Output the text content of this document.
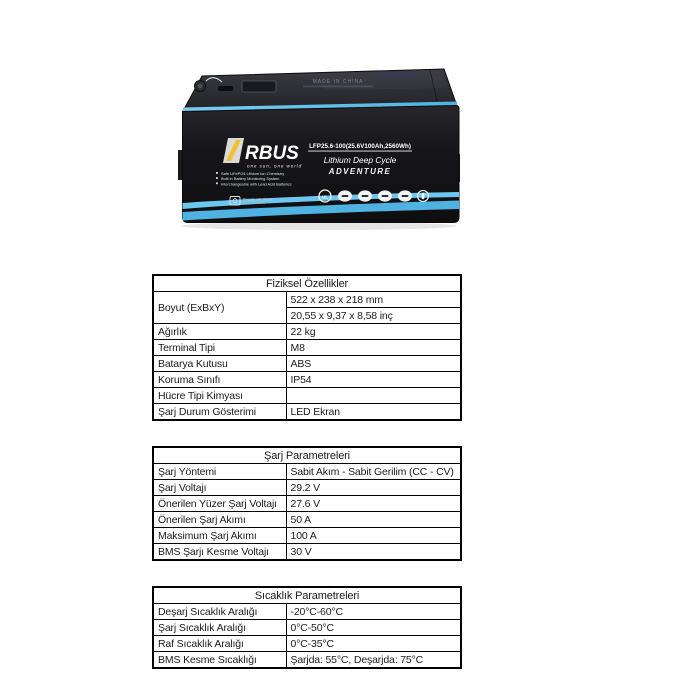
MADE IN CHINA
ORBUS
RBUS
one sun, one world
Safe LiFePO4 Lithium Ion Chemistry
Built in Battery Monitoring System
Interchangeable with Lead Acid Batteries
Recycle with Orbus
LFP25.6-100(25.6V100Ah,2560Wh)
Lithium Deep Cycle
ADVENTURE
UL
Fiziksel Özellikler	
Boyut (ExBxY)	522 x 238 x 218 mm
	20,55 x 9,37 x 8,58 inç
Ağırlık	22 kg
Terminal Tipi	M8
Batarya Kutusu	ABS
Koruma Sınıfı	IP54
Hücre Tipi Kimyası	
Şarj Durum Gösterimi	LED Ekran
Şarj Parametreleri	
Şarj Yöntemi	Sabit Akım - Sabit Gerilim (CC - CV)
Şarj Voltajı	29.2 V
Önerilen Yüzer Şarj Voltajı	27.6 V
Önerilen Şarj Akımı	50 A
Maksimum Şarj Akımı	100 A
BMS Şarjı Kesme Voltajı	30 V
Sıcaklık Parametreleri	
Deşarj Sıcaklık Aralığı	-20°C-60°C
Şarj Sıcaklık Aralığı	0°C-50°C
Raf Sıcaklık Aralığı	0°C-35°C
BMS Kesme Sıcaklığı	Şarjda: 55°C, Deşarjda: 75°C
